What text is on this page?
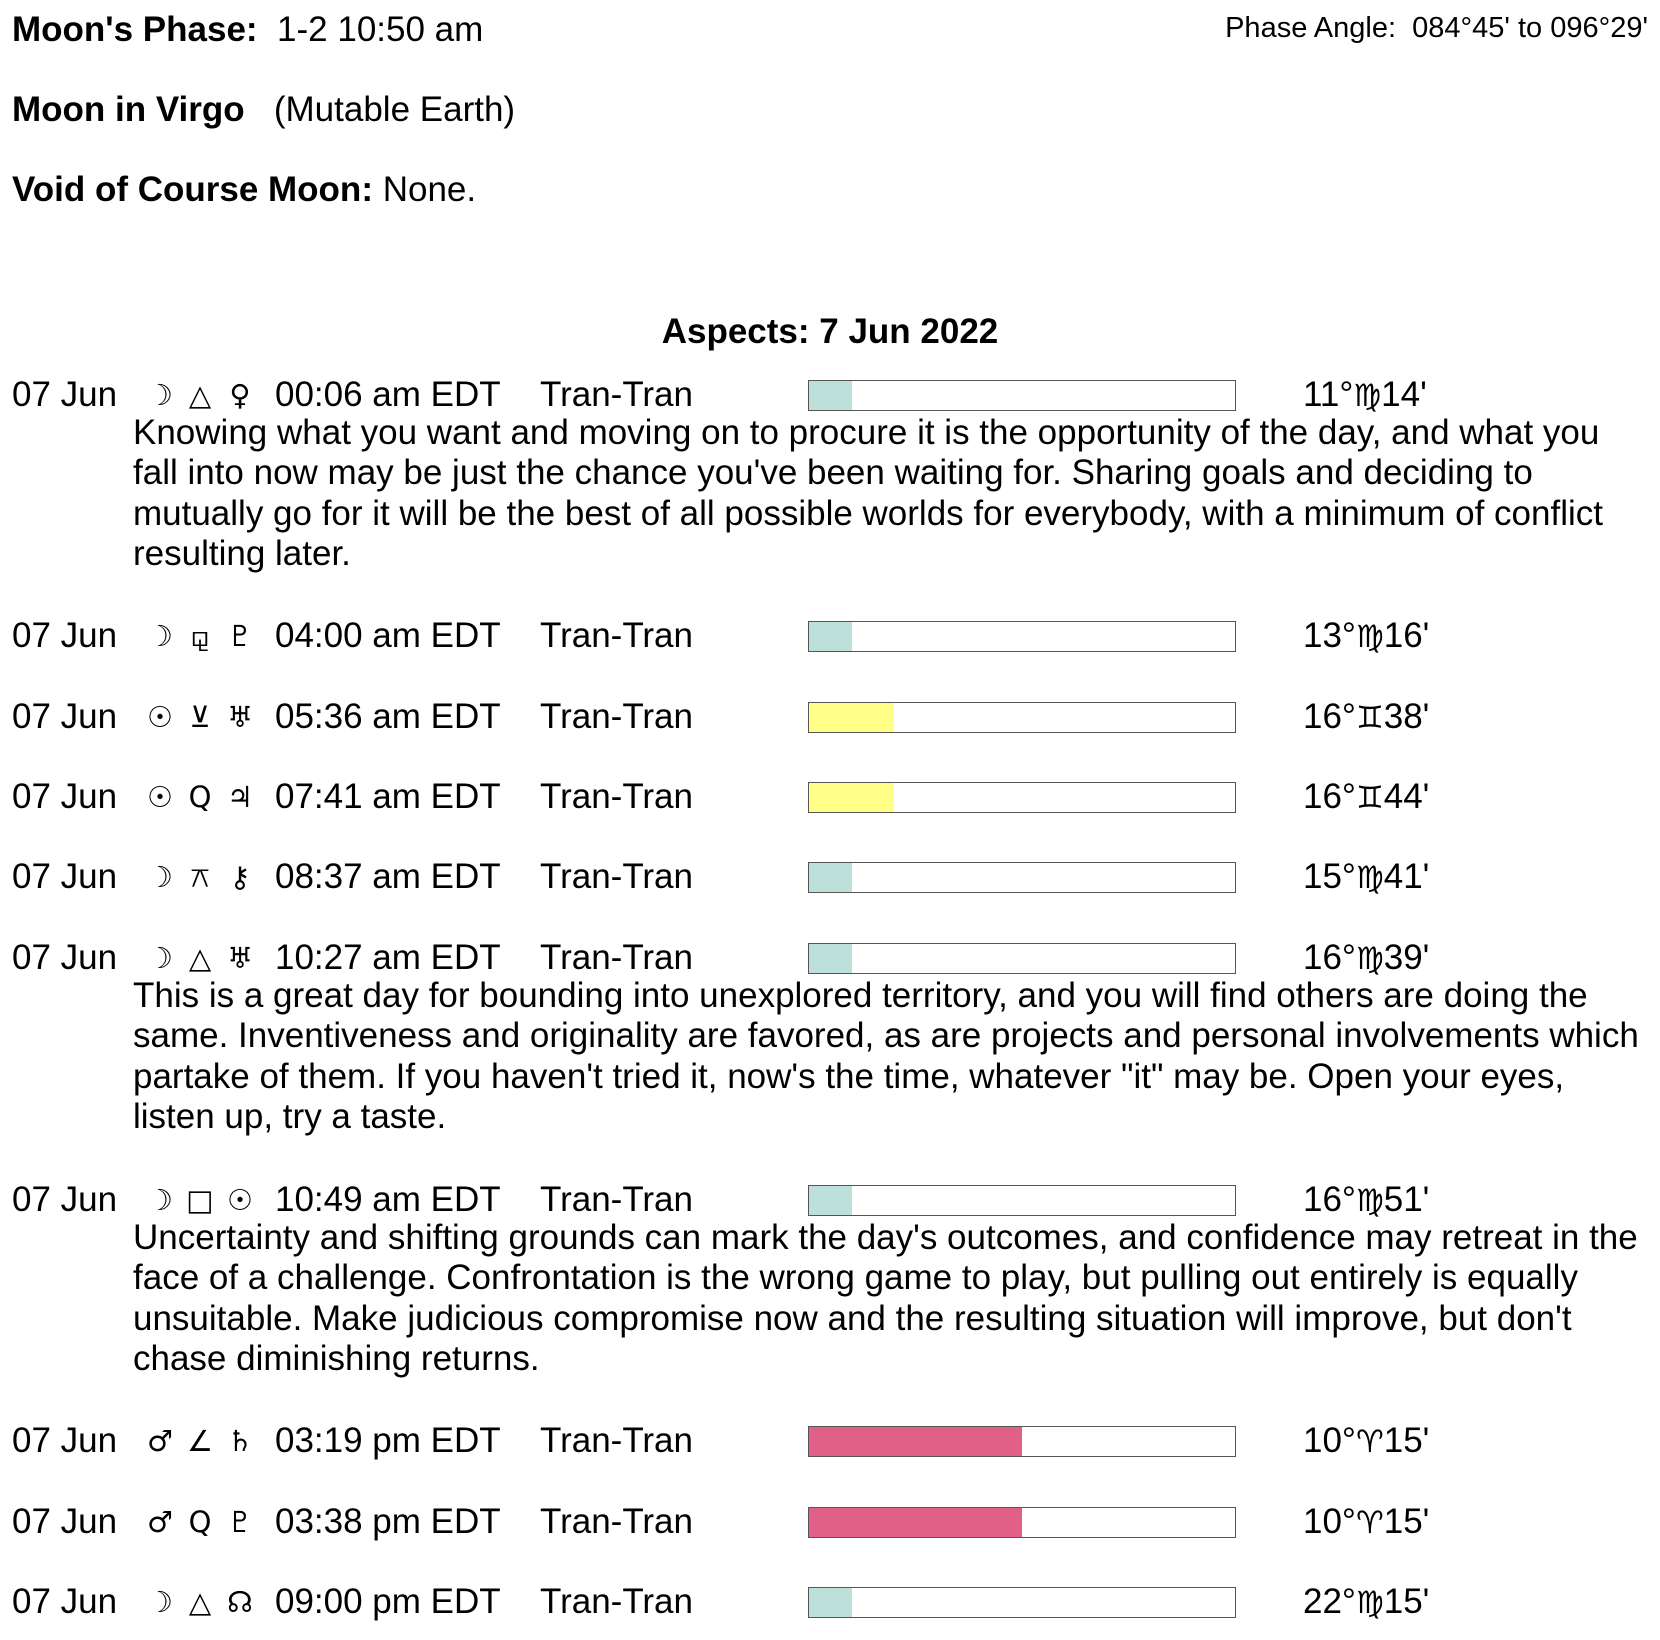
Moon's Phase: 1-2 10:50 am	Phase Angle: 084°45' to 096°29'
Moon in Virgo (Mutable Earth)
Void of Course Moon: None.
Aspects: 7 Jun 2022
07 Jun ☽ △ ♀ 00:06 am EDT Tran-Tran	11°♍14'
Knowing what you want and moving on to procure it is the opportunity of the day, and what you fall into now may be just the chance you've been waiting for. Sharing goals and deciding to mutually go for it will be the best of all possible worlds for everybody, with a minimum of conflict resulting later.
07 Jun ☽ ⚼ ♇ 04:00 am EDT Tran-Tran	13°♍16'
07 Jun ☉ ⊻ ♅ 05:36 am EDT Tran-Tran	16°♊38'
07 Jun ☉ Q ♃ 07:41 am EDT Tran-Tran	16°♊44'
07 Jun ☽ ⚻ ⚷ 08:37 am EDT Tran-Tran	15°♍41'
07 Jun ☽ △ ♅ 10:27 am EDT Tran-Tran	16°♍39'
This is a great day for bounding into unexplored territory, and you will find others are doing the same. Inventiveness and originality are favored, as are projects and personal involvements which partake of them. If you haven't tried it, now's the time, whatever "it" may be. Open your eyes, listen up, try a taste.
07 Jun ☽ □ ☉ 10:49 am EDT Tran-Tran	16°♍51'
Uncertainty and shifting grounds can mark the day's outcomes, and confidence may retreat in the face of a challenge. Confrontation is the wrong game to play, but pulling out entirely is equally unsuitable. Make judicious compromise now and the resulting situation will improve, but don't chase diminishing returns.
07 Jun ♂ ∠ ♄ 03:19 pm EDT Tran-Tran	10°♈15'
07 Jun ♂ Q ♇ 03:38 pm EDT Tran-Tran	10°♈15'
07 Jun ☽ △ ☊ 09:00 pm EDT Tran-Tran	22°♍15'
